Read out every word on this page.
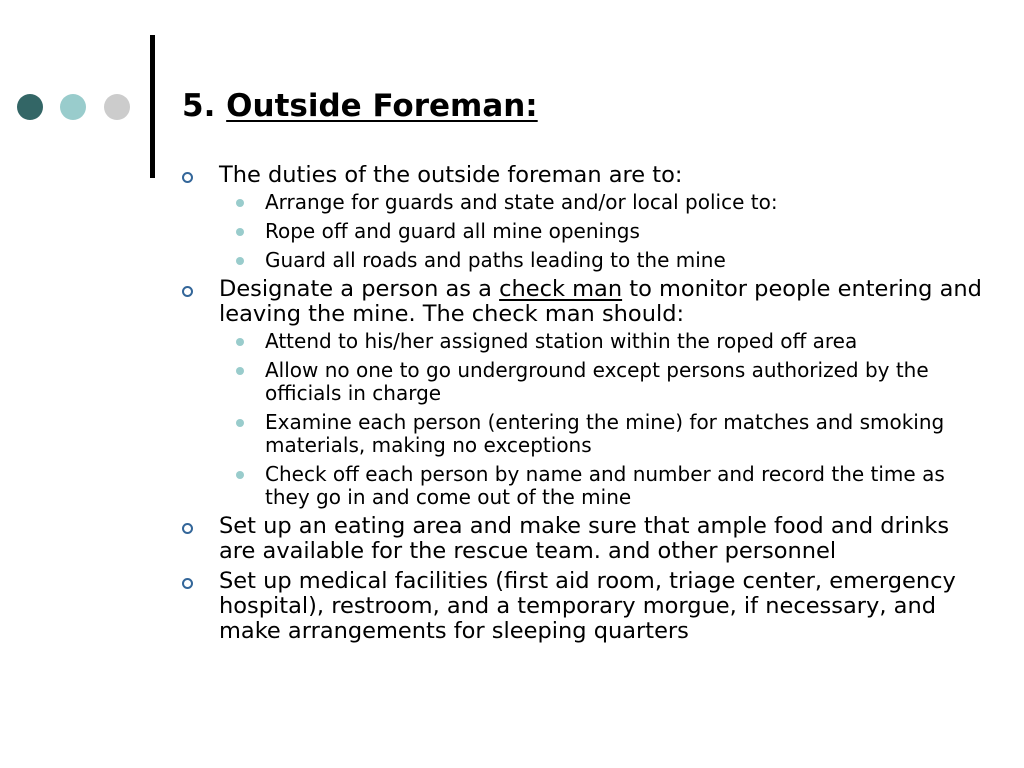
5. Outside Foreman:
The duties of the outside foreman are to:
Arrange for guards and state and/or local police to:
Rope off and guard all mine openings
Guard all roads and paths leading to the mine
Designate a person as a check man to monitor people entering and leaving the mine. The check man should:
Attend to his/her assigned station within the roped off area
Allow no one to go underground except persons authorized by the officials in charge
Examine each person (entering the mine) for matches and smoking materials, making no exceptions
Check off each person by name and number and record the time as they go in and come out of the mine
Set up an eating area and make sure that ample food and drinks are available for the rescue team. and other personnel
Set up medical facilities (first aid room, triage center, emergency hospital), restroom, and a temporary morgue, if necessary, and make arrangements for sleeping quarters
